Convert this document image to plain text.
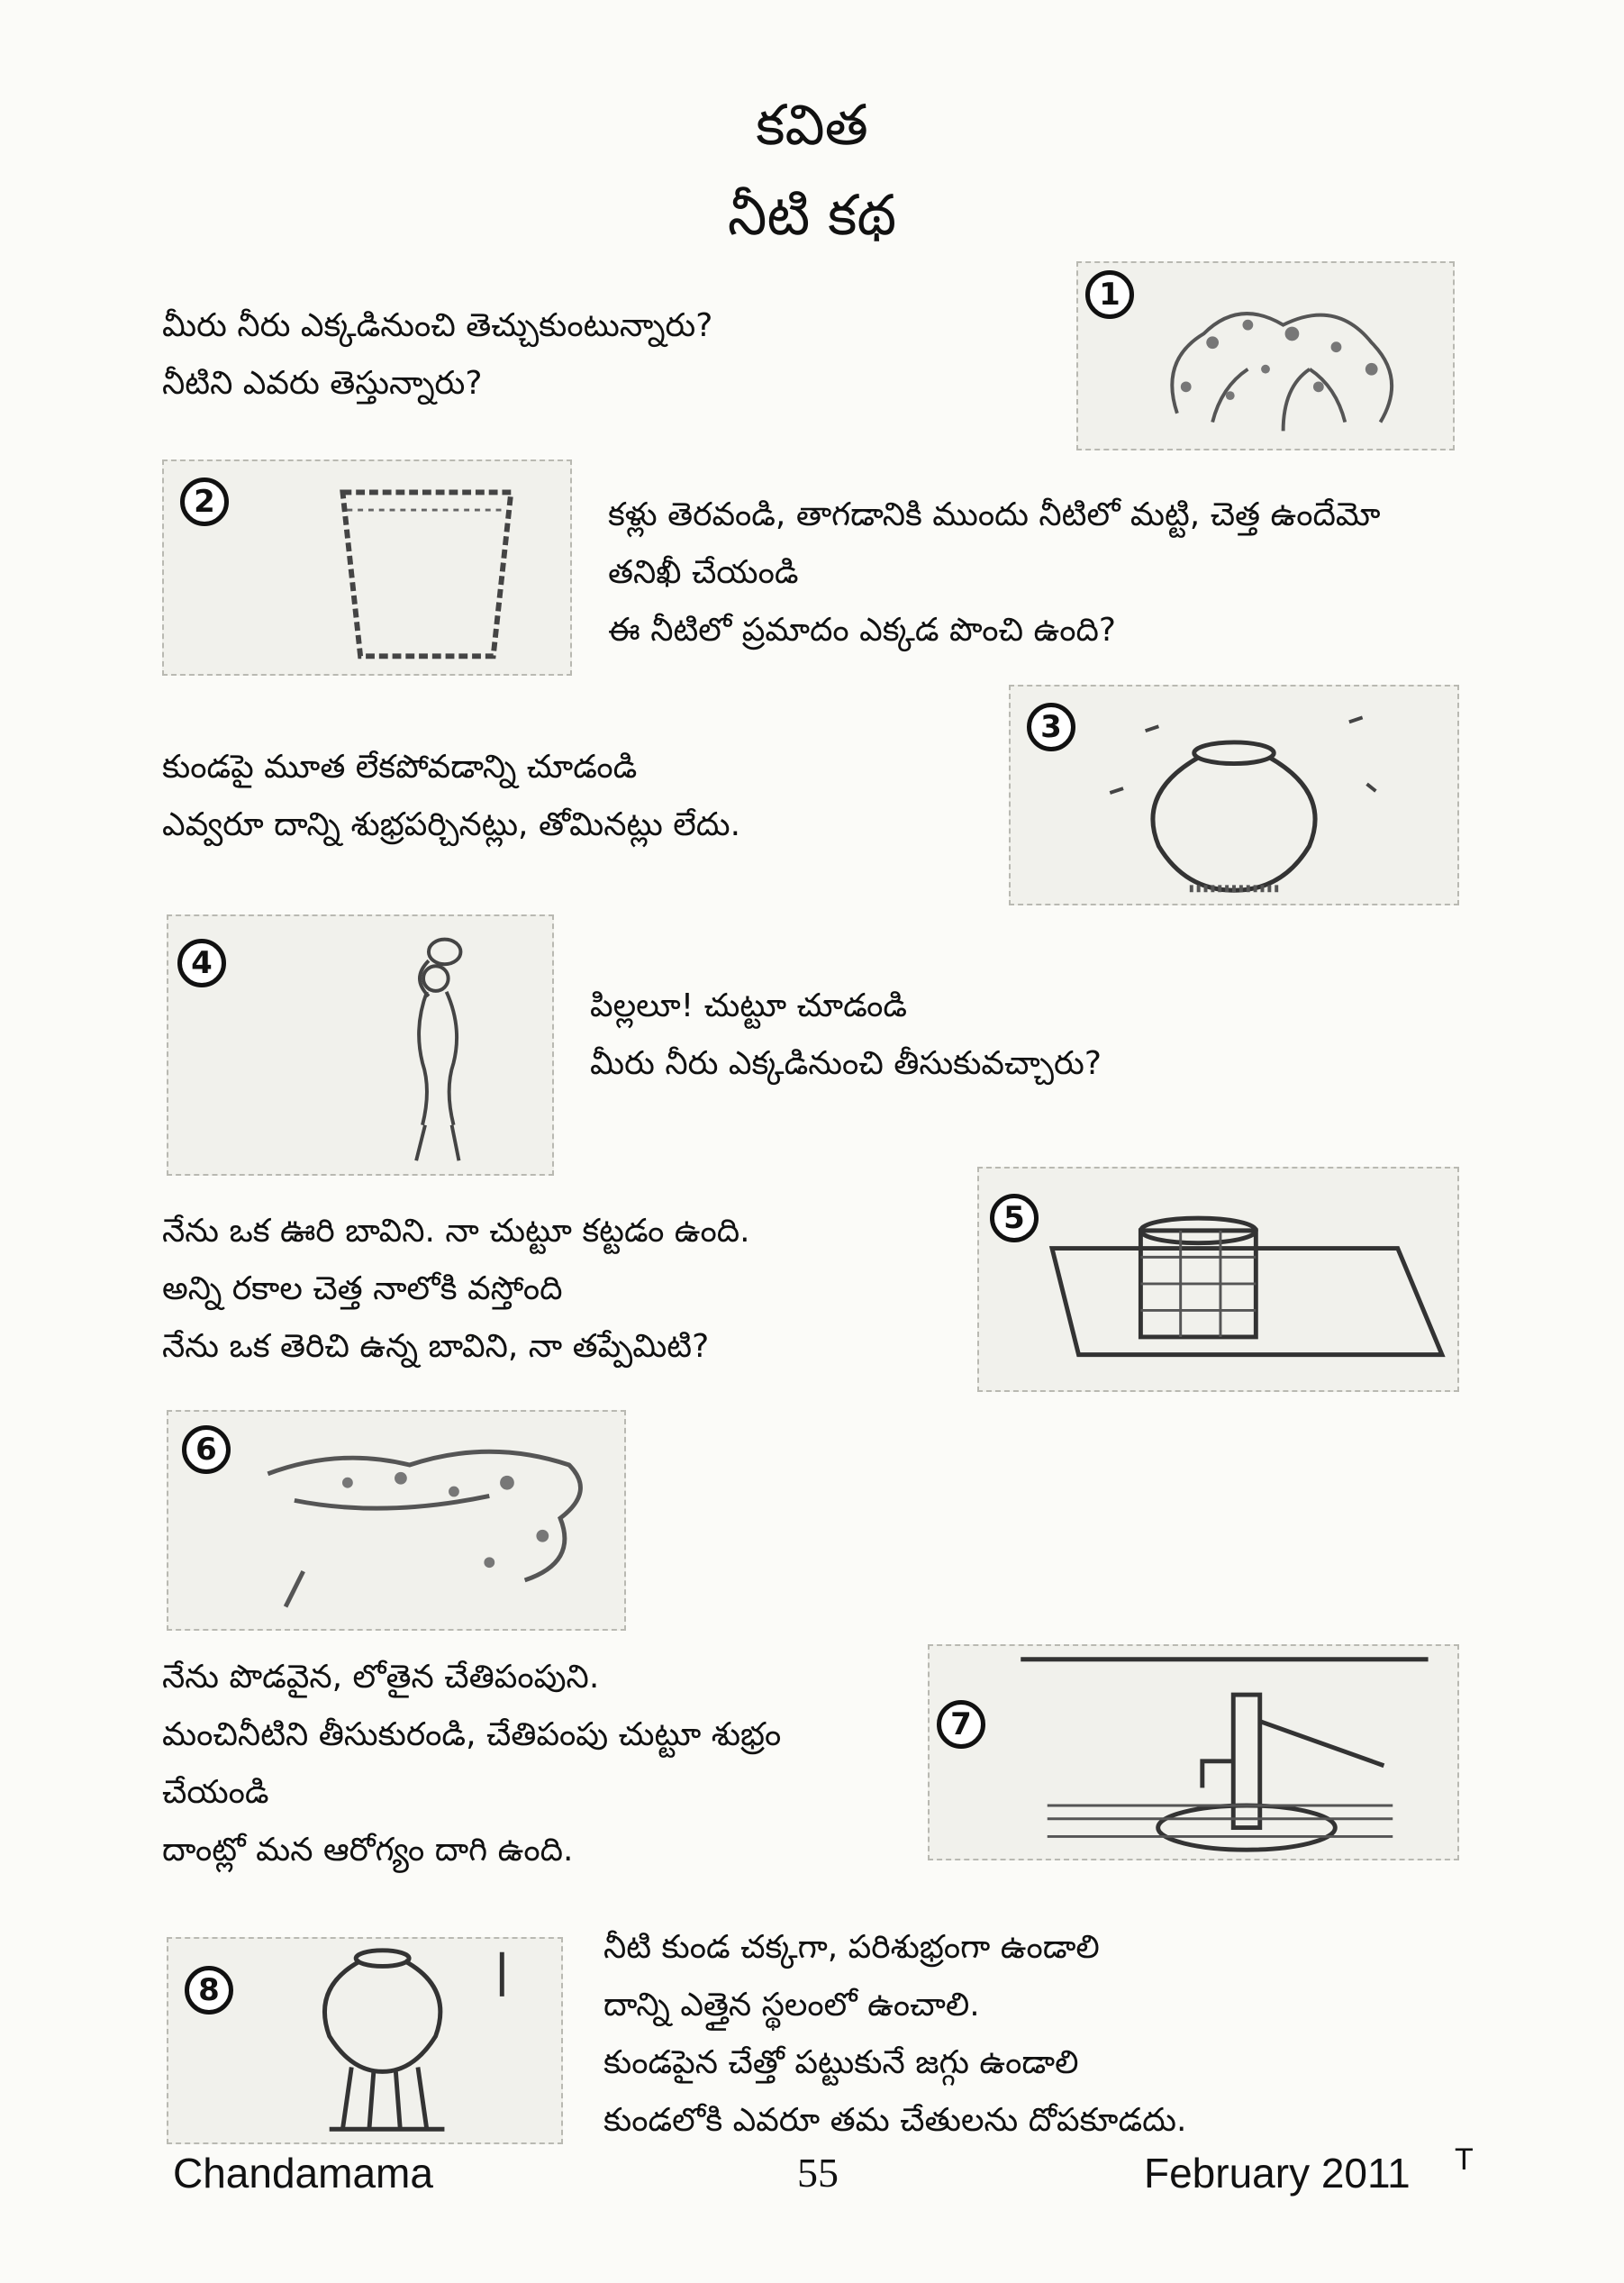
కవిత
నీటి కథ
మీరు నీరు ఎక్కడినుంచి తెచ్చుకుంటున్నారు?
నీటిని ఎవరు తెస్తున్నారు?
1
2	కళ్లు తెరవండి, తాగడానికి ముందు నీటిలో మట్టి, చెత్త ఉందేమో
తనిఖీ చేయండి
ఈ నీటిలో ప్రమాదం ఎక్కడ పొంచి ఉంది?
కుండపై మూత లేకపోవడాన్ని చూడండి
ఎవ్వరూ దాన్ని శుభ్రపర్చినట్లు, తోమినట్లు లేదు.
3
4
పిల్లలూ! చుట్టూ చూడండి
మీరు నీరు ఎక్కడినుంచి తీసుకువచ్చారు?
నేను ఒక ఊరి బావిని. నా చుట్టూ కట్టడం ఉంది.
అన్ని రకాల చెత్త నాలోకి వస్తోంది
నేను ఒక తెరిచి ఉన్న బావిని, నా తప్పేమిటి?
5
6
నేను పొడవైన, లోతైన చేతిపంపుని.
మంచినీటిని తీసుకురండి, చేతిపంపు చుట్టూ శుభ్రం
చేయండి
దాంట్లో మన ఆరోగ్యం దాగి ఉంది.
7
8
నీటి కుండ చక్కగా, పరిశుభ్రంగా ఉండాలి
దాన్ని ఎత్తైన స్థలంలో ఉంచాలి.
కుండపైన చేత్తో పట్టుకునే జగ్గు ఉండాలి
కుండలోకి ఎవరూ తమ చేతులను దోపకూడదు.
Chandamama	55	February 2011 T
